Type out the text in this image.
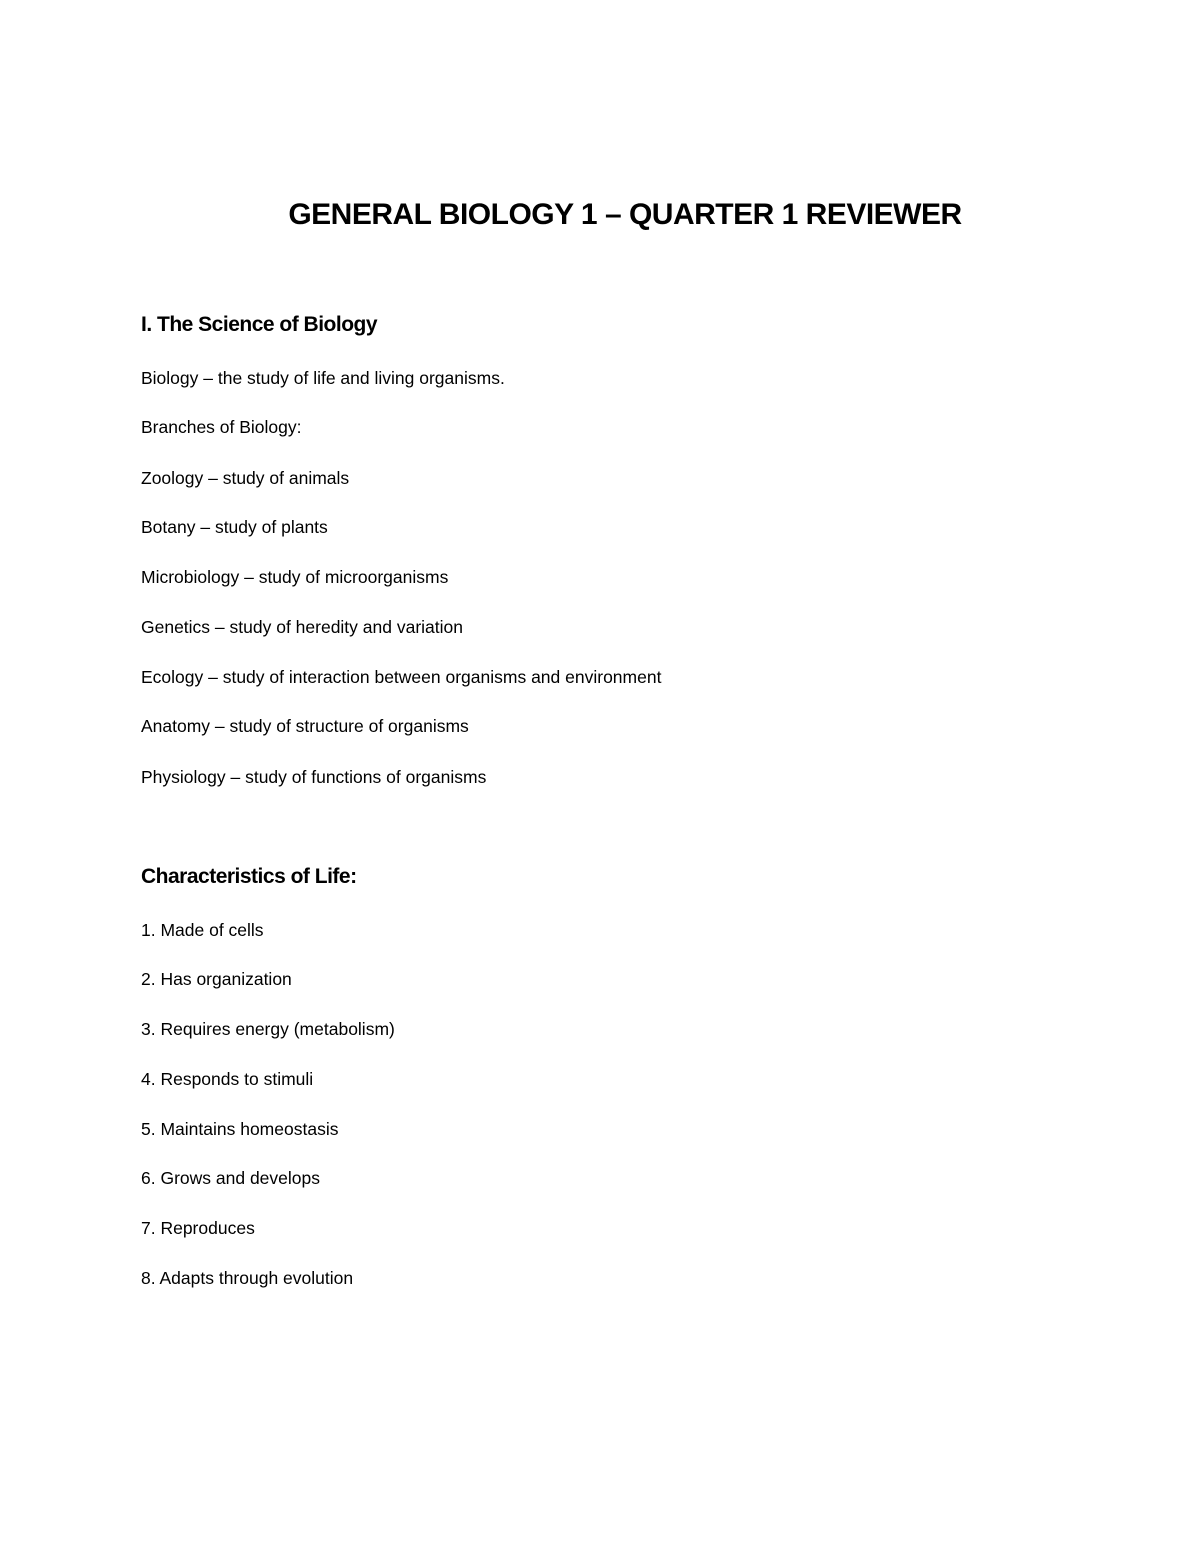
GENERAL BIOLOGY 1 – QUARTER 1 REVIEWER
I. The Science of Biology

Biology – the study of life and living organisms.

Branches of Biology:

Zoology – study of animals

Botany – study of plants

Microbiology – study of microorganisms

Genetics – study of heredity and variation

Ecology – study of interaction between organisms and environment

Anatomy – study of structure of organisms

Physiology – study of functions of organisms

Characteristics of Life:

1. Made of cells

2. Has organization

3. Requires energy (metabolism)

4. Responds to stimuli

5. Maintains homeostasis

6. Grows and develops

7. Reproduces

8. Adapts through evolution
